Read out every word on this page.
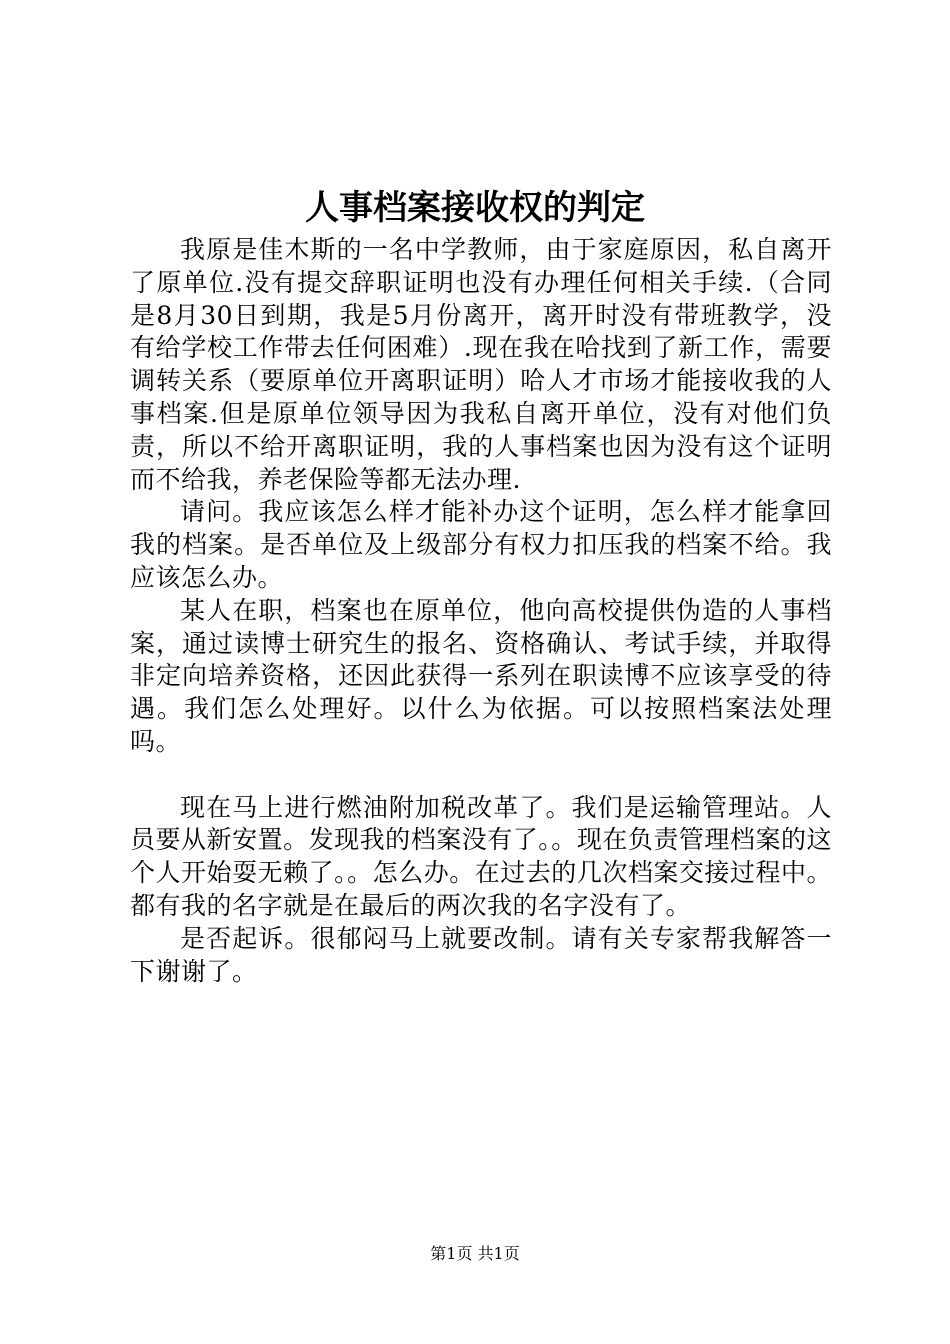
人事档案接收权的判定

我原是佳木斯的一名中学教师，由于家庭原因，私自离开了原单位.没有提交辞职证明也没有办理任何相关手续.（合同是8月30日到期，我是5月份离开，离开时没有带班教学，没有给学校工作带去任何困难）.现在我在哈找到了新工作，需要调转关系（要原单位开离职证明）哈人才市场才能接收我的人事档案.但是原单位领导因为我私自离开单位，没有对他们负责，所以不给开离职证明，我的人事档案也因为没有这个证明而不给我，养老保险等都无法办理.

请问。我应该怎么样才能补办这个证明，怎么样才能拿回我的档案。是否单位及上级部分有权力扣压我的档案不给。我应该怎么办。

某人在职，档案也在原单位，他向高校提供伪造的人事档案，通过读博士研究生的报名、资格确认、考试手续，并取得非定向培养资格，还因此获得一系列在职读博不应该享受的待遇。我们怎么处理好。以什么为依据。可以按照档案法处理吗。

现在马上进行燃油附加税改革了。我们是运输管理站。人员要从新安置。发现我的档案没有了。。现在负责管理档案的这个人开始耍无赖了。。怎么办。在过去的几次档案交接过程中。都有我的名字就是在最后的两次我的名字没有了。

是否起诉。很郁闷马上就要改制。请有关专家帮我解答一下谢谢了。

第1页 共1页
